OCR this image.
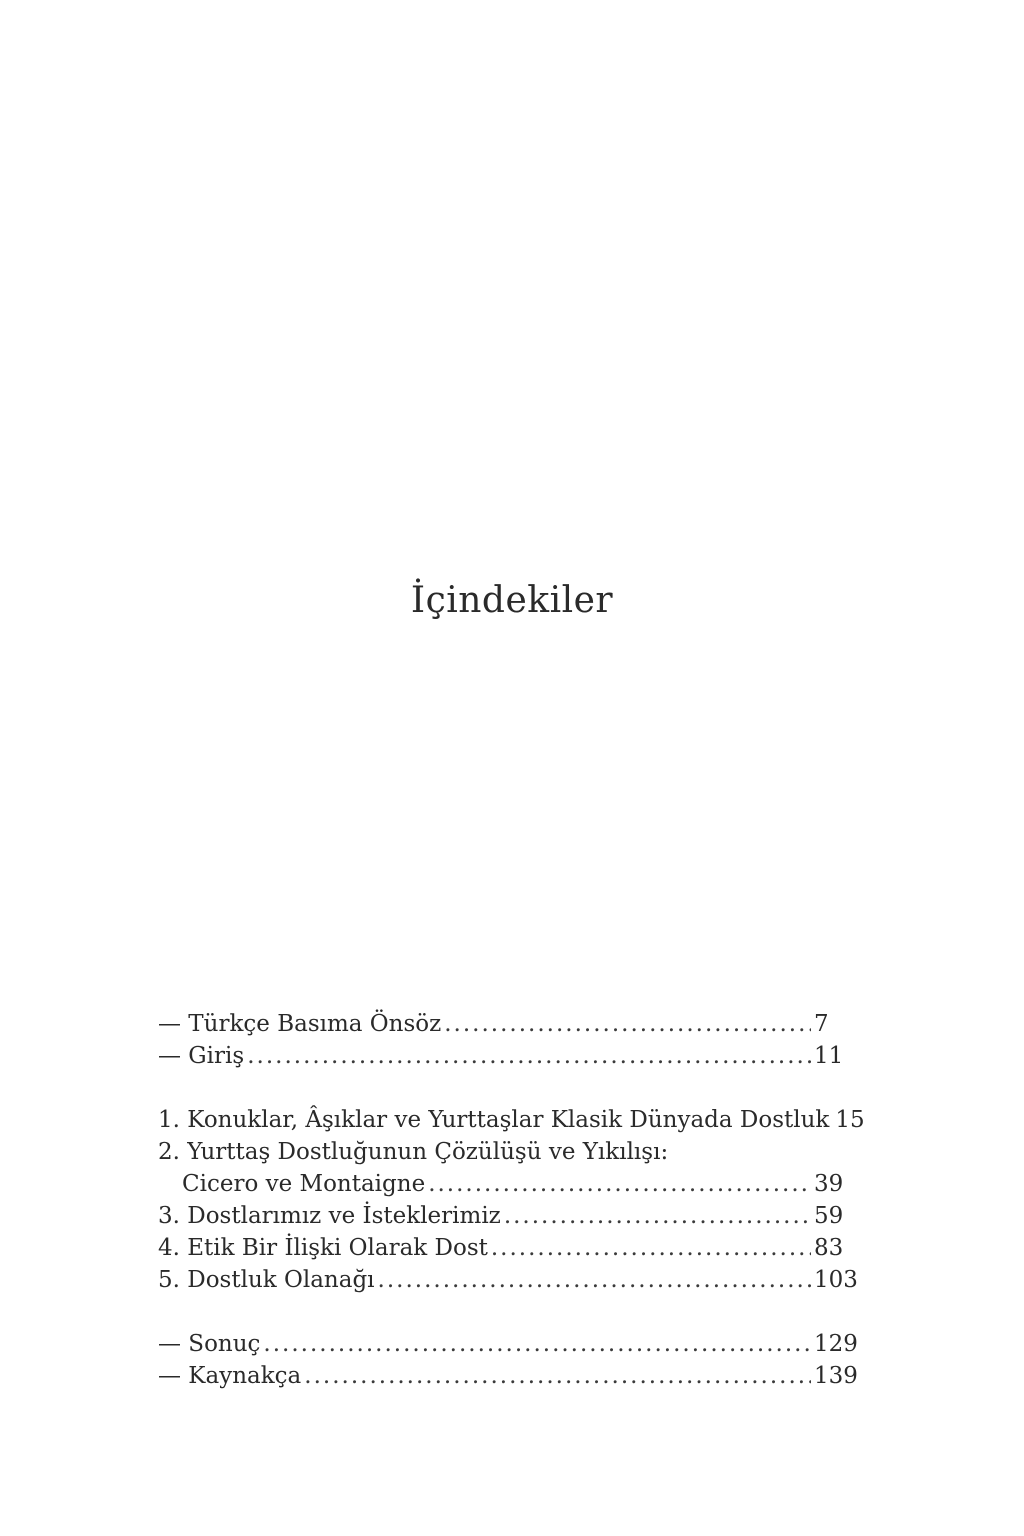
İçindekiler
— Türkçe Basıma Önsöz .....	7
— Giriş .....	11
1. Konuklar, Âşıklar ve Yurttaşlar Klasik Dünyada Dostluk 15
2. Yurttaş Dostluğunun Çözülüşü ve Yıkılışı:
Cicero ve Montaigne .....	39
3. Dostlarımız ve İsteklerimiz .....	59
4. Etik Bir İlişki Olarak Dost .....	83
5. Dostluk Olanağı .....	103
— Sonuç .....	129
— Kaynakça .....	139
